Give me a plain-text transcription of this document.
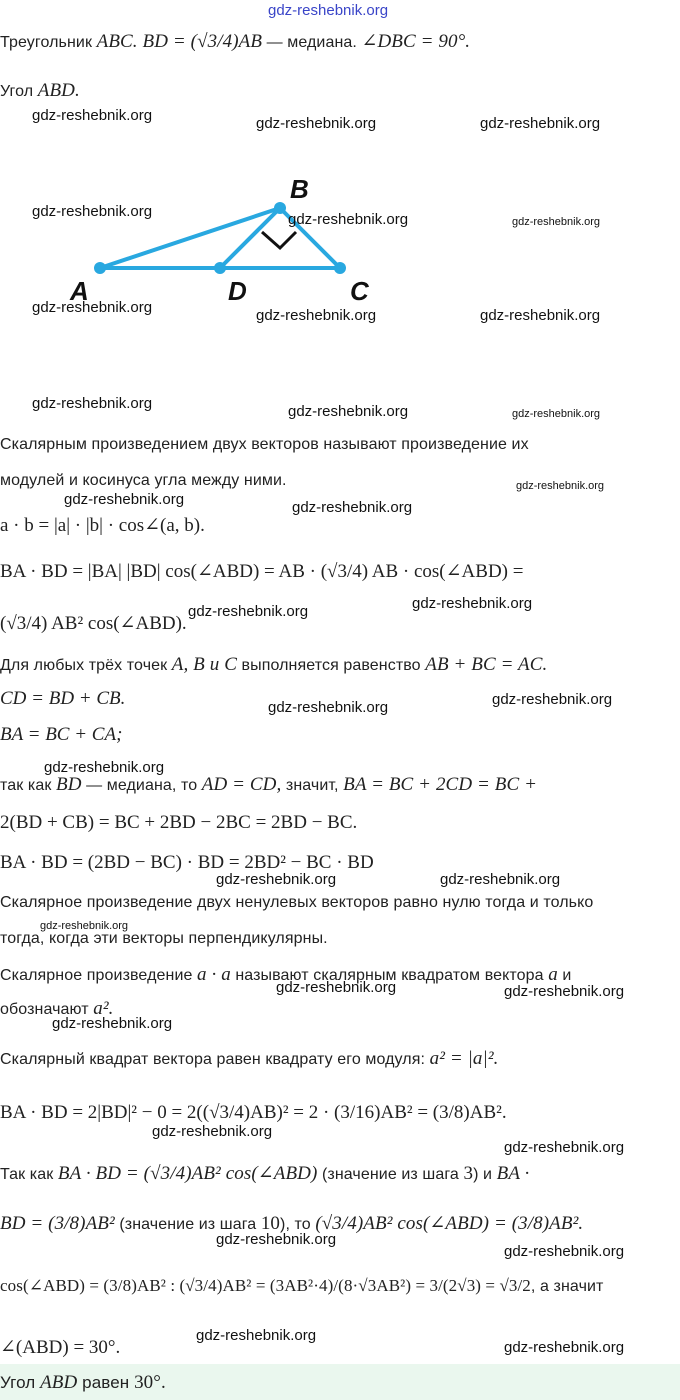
gdz-reshebnik.org
Треугольник ABC. BD = (√3/4)AB — медиана. ∠DBC = 90°.
Угол ABD.
A	D
B
C
Скалярным произведением двух векторов называют произведение их
модулей и косинуса угла между ними.
a · b = |a| · |b| · cos∠(a, b).
BA · BD = |BA| |BD| cos(∠ABD) = AB · (√3/4) AB · cos(∠ABD) =
(√3/4) AB² cos(∠ABD).
Для любых трёх точек A, B и C выполняется равенство AB + BC = AC.
CD = BD + CB.
BA = BC + CA;
так как BD — медиана, то AD = CD, значит, BA = BC + 2CD = BC +
2(BD + CB) = BC + 2BD − 2BC = 2BD − BC.
BA · BD = (2BD − BC) · BD = 2BD² − BC · BD
Скалярное произведение двух ненулевых векторов равно нулю тогда и только
тогда, когда эти векторы перпендикулярны.
Скалярное произведение a · a называют скалярным квадратом вектора a и
обозначают a².
Скалярный квадрат вектора равен квадрату его модуля: a² = |a|².
BA · BD = 2|BD|² − 0 = 2((√3/4)AB)² = 2 · (3/16)AB² = (3/8)AB².
Так как BA · BD = (√3/4)AB² cos(∠ABD) (значение из шага 3) и BA ·
BD = (3/8)AB² (значение из шага 10), то (√3/4)AB² cos(∠ABD) = (3/8)AB².
cos(∠ABD) = (3/8)AB² : (√3/4)AB² = (3AB²·4)/(8·√3AB²) = 3/(2√3) = √3/2, а значит
∠(ABD) = 30°.
Угол ABD равен 30°.
gdz-reshebnik.org	gdz-reshebnik.org	gdz-reshebnik.org
gdz-reshebnik.org	gdz-reshebnik.org	gdz-reshebnik.org
gdz-reshebnik.org	gdz-reshebnik.org	gdz-reshebnik.org
gdz-reshebnik.org	gdz-reshebnik.org	gdz-reshebnik.org
gdz-reshebnik.org
gdz-reshebnik.org	gdz-reshebnik.org
gdz-reshebnik.org
gdz-reshebnik.org
gdz-reshebnik.org
gdz-reshebnik.org
gdz-reshebnik.org
gdz-reshebnik.org	gdz-reshebnik.org
gdz-reshebnik.org
gdz-reshebnik.org	gdz-reshebnik.org
gdz-reshebnik.org
gdz-reshebnik.org
gdz-reshebnik.org
gdz-reshebnik.org
gdz-reshebnik.org
gdz-reshebnik.org
gdz-reshebnik.org
